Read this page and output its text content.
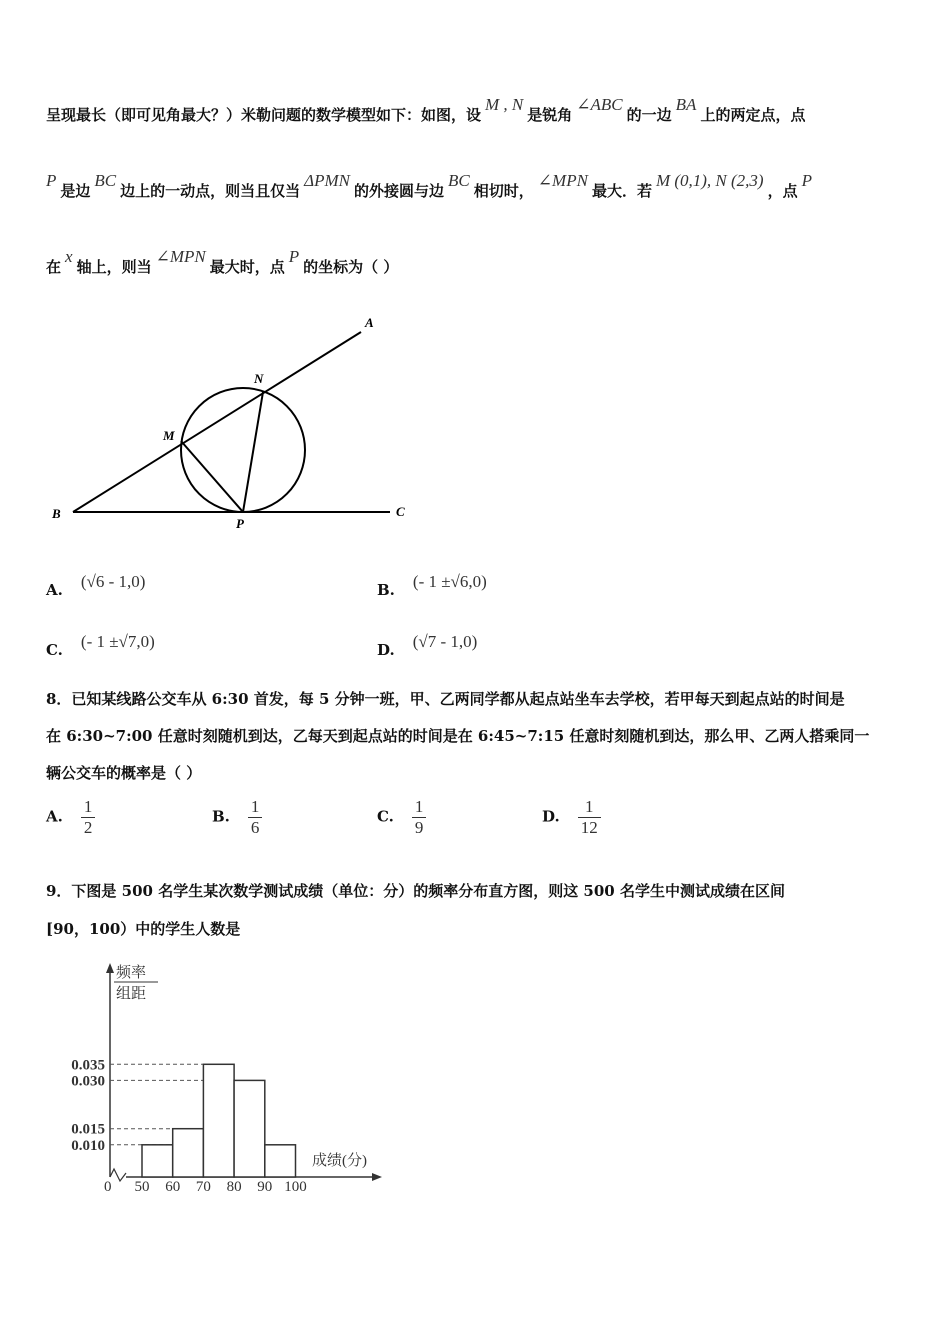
呈现最长（即可见角最大？）米勒问题的数学模型如下：如图，设M , N是锐角∠ABC的一边BA上的两定点，点
P是边BC边上的一动点，则当且仅当ΔPMN的外接圆与边BC相切时，∠MPN最大．若M (0,1), N (2,3)，点P
在x轴上，则当∠MPN最大时，点P的坐标为（ ）
A
N
M
B
P
C
A. (√6 - 1,0)	B. (- 1 ±√6,0)
C. (- 1 ±√7,0)	D. (√7 - 1,0)
8．已知某线路公交车从 6:30 首发，每 5 分钟一班，甲、乙两同学都从起点站坐车去学校，若甲每天到起点站的时间是
在 6:30~7:00 任意时刻随机到达，乙每天到起点站的时间是在 6:45~7:15 任意时刻随机到达，那么甲、乙两人搭乘同一
辆公交车的概率是（ ）
A. $\frac{1}{2}$	B. $\frac{1}{6}$	C. $\frac{1}{9}$	D. $\frac{1}{12}$
9．下图是 500 名学生某次数学测试成绩（单位：分）的频率分布直方图，则这 500 名学生中测试成绩在区间
[90，100）中的学生人数是
频率
组距
成绩(分)
0
0.010
0.015
0.030
0.035
50 60 70 80 90 100
